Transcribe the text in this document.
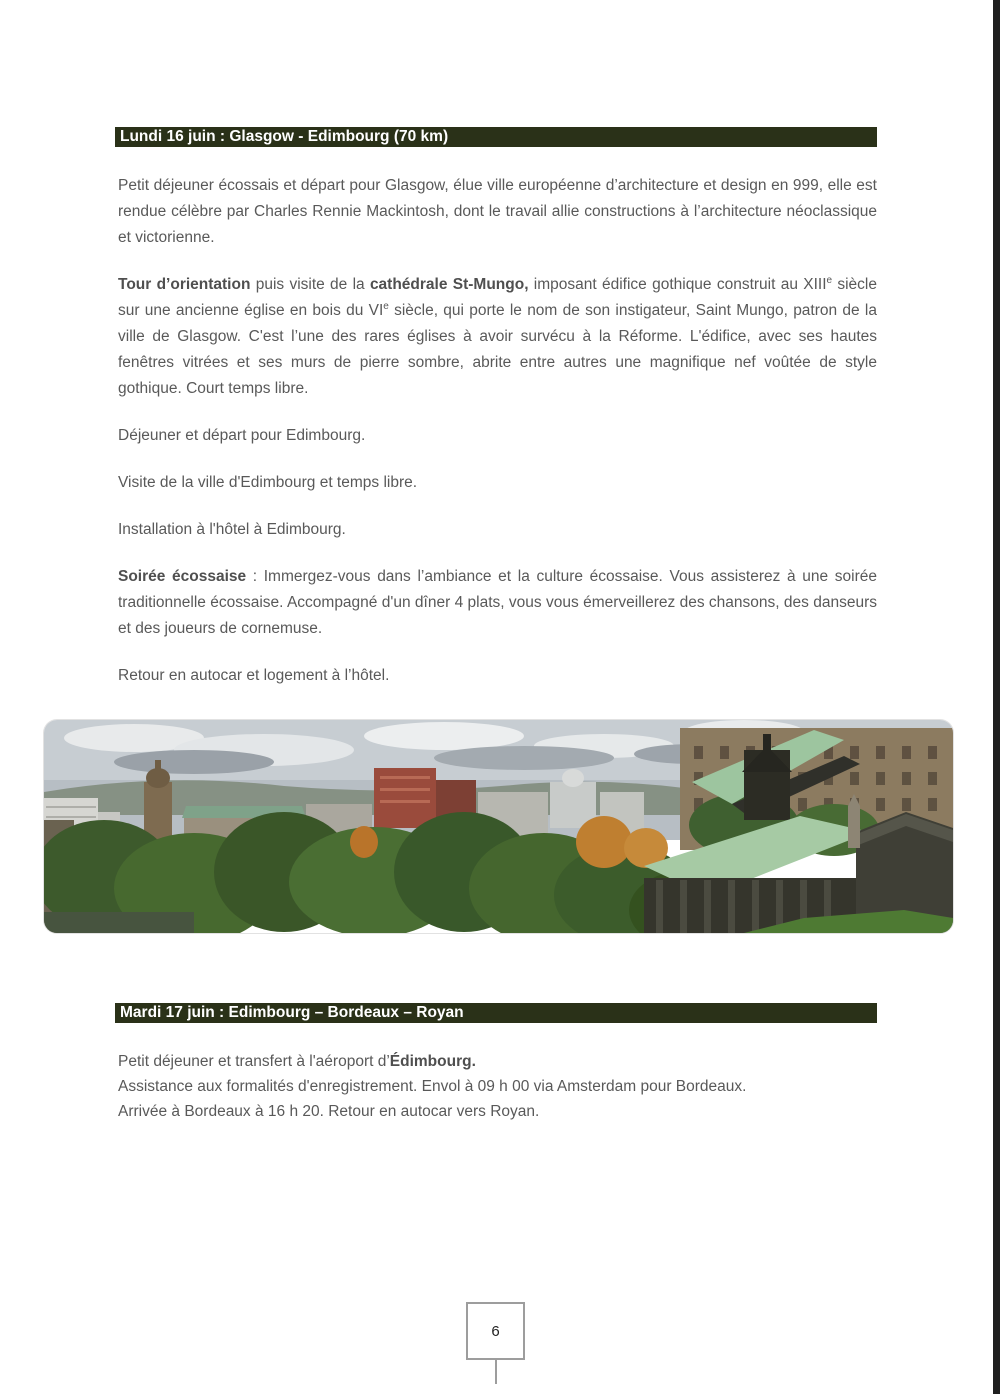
Lundi 16 juin : Glasgow - Edimbourg (70 km)

Petit déjeuner écossais et départ pour Glasgow, élue ville européenne d’architecture et design en 999, elle est rendue célèbre par Charles Rennie Mackintosh, dont le travail allie constructions à l’architecture néoclassique et victorienne.

Tour d’orientation puis visite de la cathédrale St-Mungo, imposant édifice gothique construit au XIIIe siècle sur une ancienne église en bois du VIe siècle, qui porte le nom de son instigateur, Saint Mungo, patron de la ville de Glasgow. C'est l’une des rares églises à avoir survécu à la Réforme. L'édifice, avec ses hautes fenêtres vitrées et ses murs de pierre sombre, abrite entre autres une magnifique nef voûtée de style gothique. Court temps libre.

Déjeuner et départ pour Edimbourg.

Visite de la ville d'Edimbourg et temps libre.

Installation à l'hôtel à Edimbourg.

Soirée écossaise : Immergez-vous dans l’ambiance et la culture écossaise. Vous assisterez à une soirée traditionnelle écossaise. Accompagné d'un dîner 4 plats, vous vous émerveillerez des chansons, des danseurs et des joueurs de cornemuse.

Retour en autocar et logement à l’hôtel.

Mardi 17 juin : Edimbourg – Bordeaux – Royan

Petit déjeuner et transfert à l'aéroport d’Édimbourg.

Assistance aux formalités d'enregistrement. Envol à 09 h 00 via Amsterdam pour Bordeaux.

Arrivée à Bordeaux à 16 h 20. Retour en autocar vers Royan.

6
